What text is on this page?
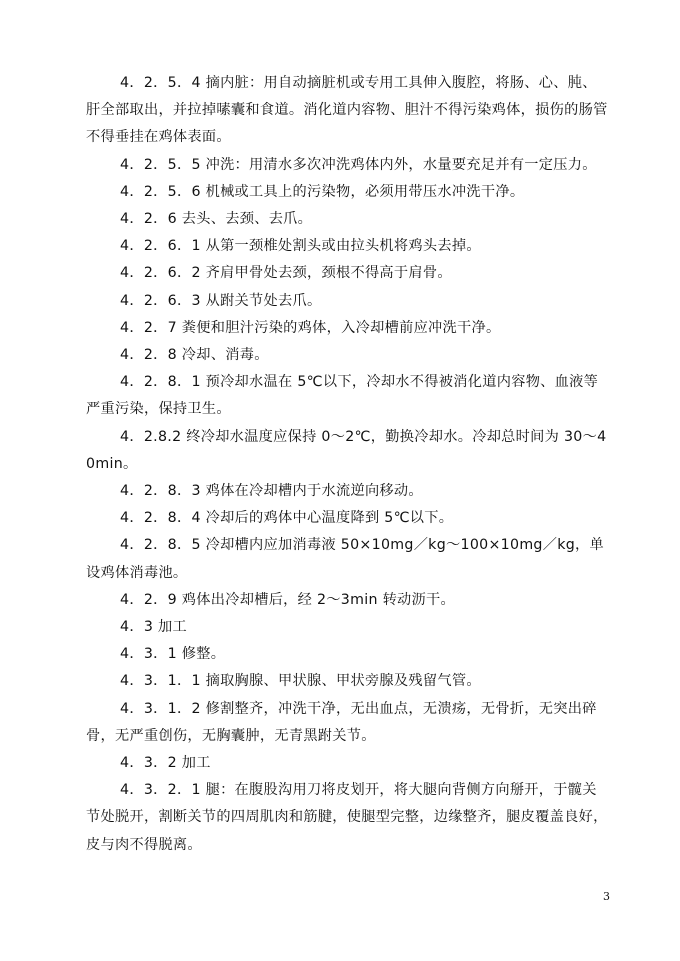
4．2．5．4 摘内脏：用自动摘脏机或专用工具伸入腹腔，将肠、心、肫、肝全部取出，并拉掉嗉囊和食道。消化道内容物、胆汁不得污染鸡体，损伤的肠管不得垂挂在鸡体表面。

4．2．5．5 冲洗：用清水多次冲洗鸡体内外，水量要充足并有一定压力。

4．2．5．6 机械或工具上的污染物，必须用带压水冲洗干净。

4．2．6 去头、去颈、去爪。

4．2．6．1 从第一颈椎处割头或由拉头机将鸡头去掉。

4．2．6．2 齐肩甲骨处去颈，颈根不得高于肩骨。

4．2．6．3 从跗关节处去爪。

4．2．7 粪便和胆汁污染的鸡体，入冷却槽前应冲洗干净。

4．2．8 冷却、消毒。

4．2．8．1 预冷却水温在 5℃以下，冷却水不得被消化道内容物、血液等严重污染，保持卫生。

4．2.8.2 终冷却水温度应保持 0～2℃，勤换冷却水。冷却总时间为 30～40min。

4．2．8．3 鸡体在冷却槽内于水流逆向移动。

4．2．8．4 冷却后的鸡体中心温度降到 5℃以下。

4．2．8．5 冷却槽内应加消毒液 50×10mg／kg～100×10mg／kg，单设鸡体消毒池。

4．2．9 鸡体出冷却槽后，经 2～3min 转动沥干。

4．3 加工

4．3．1 修整。

4．3．1．1 摘取胸腺、甲状腺、甲状旁腺及残留气管。

4．3．1．2 修割整齐，冲洗干净，无出血点，无溃疡，无骨折，无突出碎骨，无严重创伤，无胸囊肿，无青黑跗关节。

4．3．2 加工

4．3．2．1 腿：在腹股沟用刀将皮划开，将大腿向背侧方向掰开，于髋关节处脱开，割断关节的四周肌肉和筋腱，使腿型完整，边缘整齐，腿皮覆盖良好，皮与肉不得脱离。

3
